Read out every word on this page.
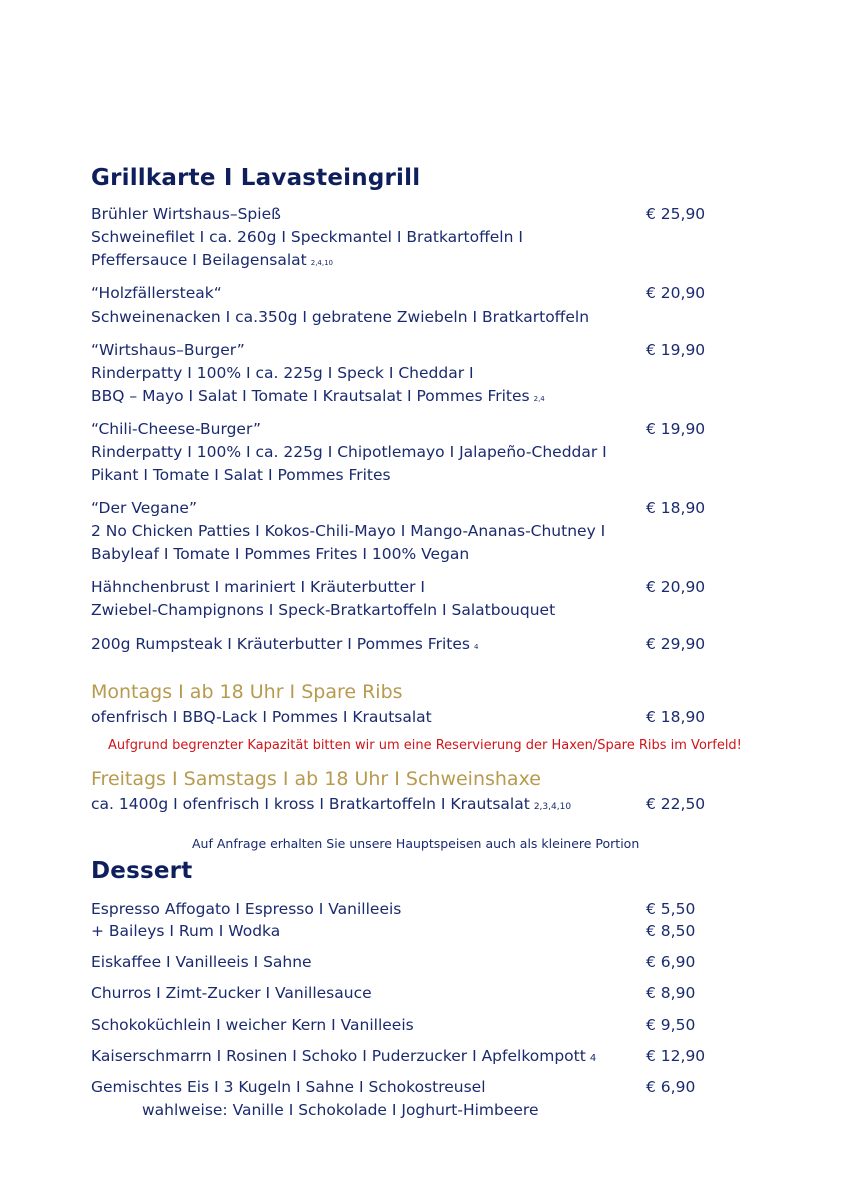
Grillkarte I Lavasteingrill
Brühler Wirtshaus–Spieß	€ 25,90
Schweinefilet I ca. 260g I Speckmantel I Bratkartoffeln I
Pfeffersauce I Beilagensalat 2,4,10
“Holzfällersteak“	€ 20,90
Schweinenacken I ca.350g I gebratene Zwiebeln I Bratkartoffeln
“Wirtshaus–Burger”	€ 19,90
Rinderpatty I 100% I ca. 225g I Speck I Cheddar I
BBQ – Mayo I Salat I Tomate I Krautsalat I Pommes Frites 2,4
“Chili-Cheese-Burger”	€ 19,90
Rinderpatty I 100% I ca. 225g I Chipotlemayo I Jalapeño-Cheddar I
Pikant I Tomate I Salat I Pommes Frites
“Der Vegane”	€ 18,90
2 No Chicken Patties I Kokos-Chili-Mayo I Mango-Ananas-Chutney I
Babyleaf I Tomate I Pommes Frites I 100% Vegan
Hähnchenbrust I mariniert I Kräuterbutter I	€ 20,90
Zwiebel-Champignons I Speck-Bratkartoffeln I Salatbouquet
200g Rumpsteak I Kräuterbutter I Pommes Frites 4	€ 29,90
Montags I ab 18 Uhr I Spare Ribs
ofenfrisch I BBQ-Lack I Pommes I Krautsalat	€ 18,90
Aufgrund begrenzter Kapazität bitten wir um eine Reservierung der Haxen/Spare Ribs im Vorfeld!
Freitags I Samstags I ab 18 Uhr I Schweinshaxe
ca. 1400g I ofenfrisch I kross I Bratkartoffeln I Krautsalat 2,3,4,10	€ 22,50
Auf Anfrage erhalten Sie unsere Hauptspeisen auch als kleinere Portion
Dessert
Espresso Affogato I Espresso I Vanilleeis	€ 5,50
+ Baileys I Rum I Wodka	€ 8,50
Eiskaffee I Vanilleeis I Sahne	€ 6,90
Churros I Zimt-Zucker I Vanillesauce	€ 8,90
Schokoküchlein I weicher Kern I Vanilleeis	€ 9,50
Kaiserschmarrn I Rosinen I Schoko I Puderzucker I Apfelkompott 4	€ 12,90
Gemischtes Eis I 3 Kugeln I Sahne I Schokostreusel	€ 6,90
wahlweise: Vanille I Schokolade I Joghurt-Himbeere
